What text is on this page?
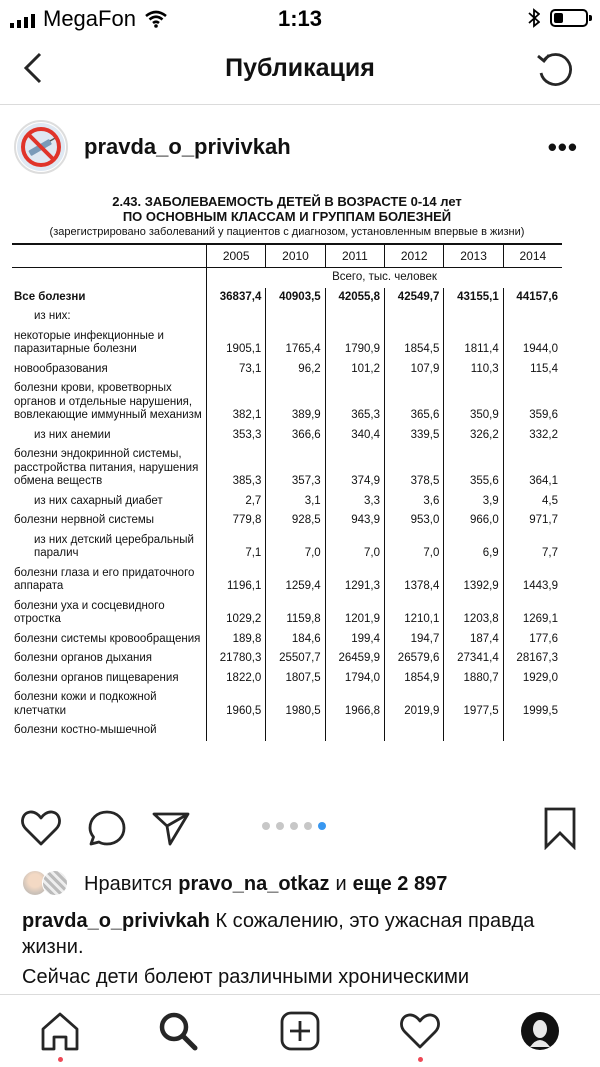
MegaFon	1:13
Публикация
pravda_o_privivkah	•••
2.43. ЗАБОЛЕВАЕМОСТЬ ДЕТЕЙ В ВОЗРАСТЕ 0-14 лет
ПО ОСНОВНЫМ КЛАССАМ И ГРУППАМ БОЛЕЗНЕЙ
(зарегистрировано заболеваний у пациентов с диагнозом, установленным впервые в жизни)
	2005	2010	2011	2012	2013	2014
	Всего, тыс. человек					
Все болезни	36837,4	40903,5	42055,8	42549,7	43155,1	44157,6
из них:						
некоторые инфекционные и паразитарные болезни	1905,1	1765,4	1790,9	1854,5	1811,4	1944,0
новообразования	73,1	96,2	101,2	107,9	110,3	115,4
болезни крови, кроветворных органов и отдельные нарушения, вовлекающие иммунный механизм	382,1	389,9	365,3	365,6	350,9	359,6
из них анемии	353,3	366,6	340,4	339,5	326,2	332,2
болезни эндокринной системы, расстройства питания, нарушения обмена веществ	385,3	357,3	374,9	378,5	355,6	364,1
из них сахарный диабет	2,7	3,1	3,3	3,6	3,9	4,5
болезни нервной системы	779,8	928,5	943,9	953,0	966,0	971,7
из них детский церебральный паралич	7,1	7,0	7,0	7,0	6,9	7,7
болезни глаза и его придаточного аппарата	1196,1	1259,4	1291,3	1378,4	1392,9	1443,9
болезни уха и сосцевидного отростка	1029,2	1159,8	1201,9	1210,1	1203,8	1269,1
болезни системы кровообращения	189,8	184,6	199,4	194,7	187,4	177,6
болезни органов дыхания	21780,3	25507,7	26459,9	26579,6	27341,4	28167,3
болезни органов пищеварения	1822,0	1807,5	1794,0	1854,9	1880,7	1929,0
болезни кожи и подкожной клетчатки	1960,5	1980,5	1966,8	2019,9	1977,5	1999,5
болезни костно-мышечной						
Нравится pravo_na_otkaz и еще 2 897
pravda_o_privivkah К сожалению, это ужасная правда жизни.
Сейчас дети болеют различными хроническими
